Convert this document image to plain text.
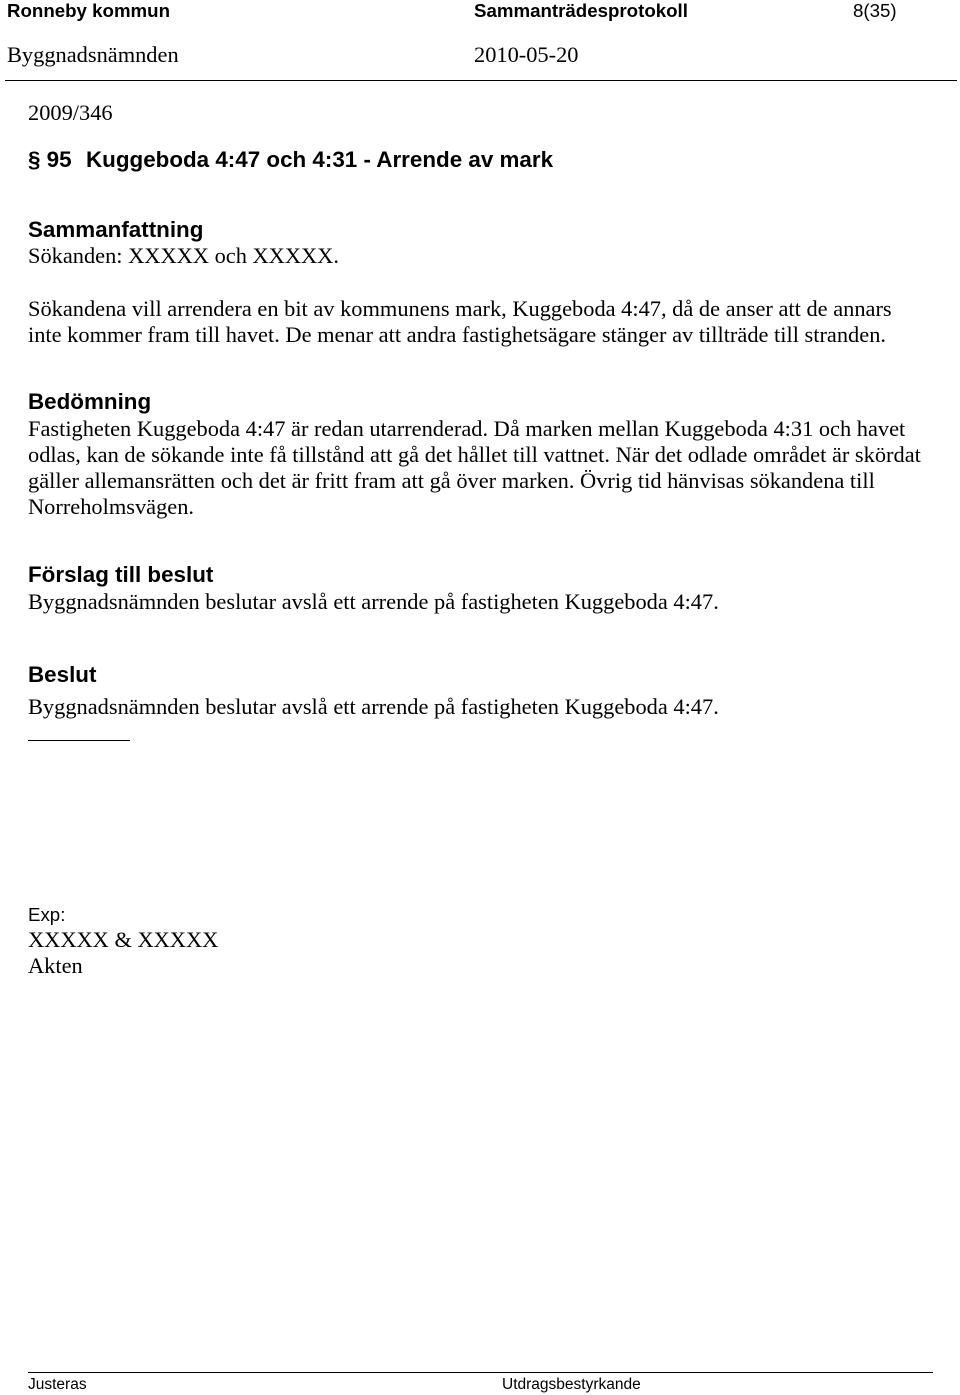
Ronneby kommun	Sammanträdesprotokoll	8(35)
Byggnadsnämnden	2010-05-20
2009/346
§ 95 Kuggeboda 4:47 och 4:31 - Arrende av mark
Sammanfattning
Sökanden: XXXXX och XXXXX.
Sökandena vill arrendera en bit av kommunens mark, Kuggeboda 4:47, då de anser att de annars
inte kommer fram till havet. De menar att andra fastighetsägare stänger av tillträde till stranden.
Bedömning
Fastigheten Kuggeboda 4:47 är redan utarrenderad. Då marken mellan Kuggeboda 4:31 och havet
odlas, kan de sökande inte få tillstånd att gå det hållet till vattnet. När det odlade området är skördat
gäller allemansrätten och det är fritt fram att gå över marken. Övrig tid hänvisas sökandena till
Norreholmsvägen.
Förslag till beslut
Byggnadsnämnden beslutar avslå ett arrende på fastigheten Kuggeboda 4:47.
Beslut
Byggnadsnämnden beslutar avslå ett arrende på fastigheten Kuggeboda 4:47.
Exp:
XXXXX & XXXXX
Akten
Justeras	Utdragsbestyrkande
